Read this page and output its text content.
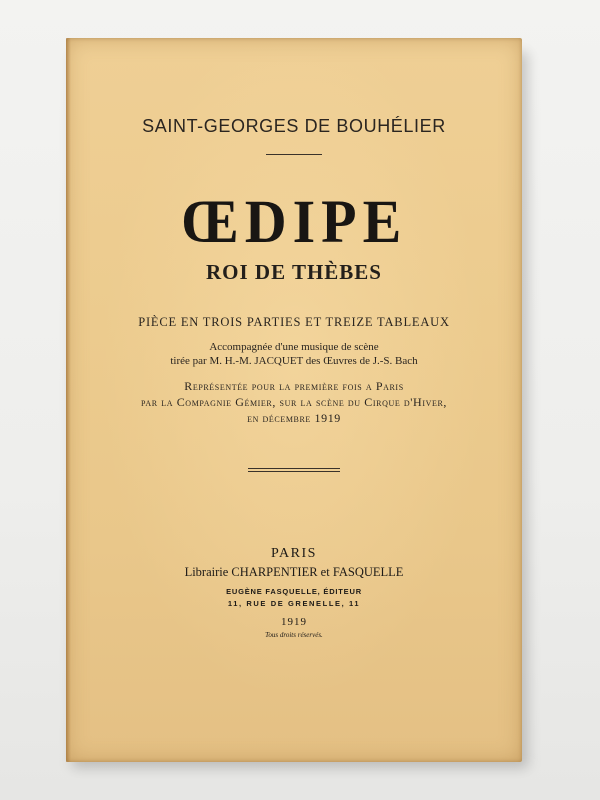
SAINT-GEORGES DE BOUHÉLIER
ŒDIPE
ROI DE THÈBES
PIÈCE EN TROIS PARTIES ET TREIZE TABLEAUX
Accompagnée d'une musique de scène
tirée par M. H.-M. JACQUET des Œuvres de J.-S. Bach
Représentée pour la première fois a Paris
par la Compagnie Gémier, sur la scène du Cirque d'Hiver,
en décembre 1919
PARIS
Librairie CHARPENTIER et FASQUELLE
EUGÈNE FASQUELLE, ÉDITEUR
11, RUE DE GRENELLE, 11
1919
Tous droits réservés.
